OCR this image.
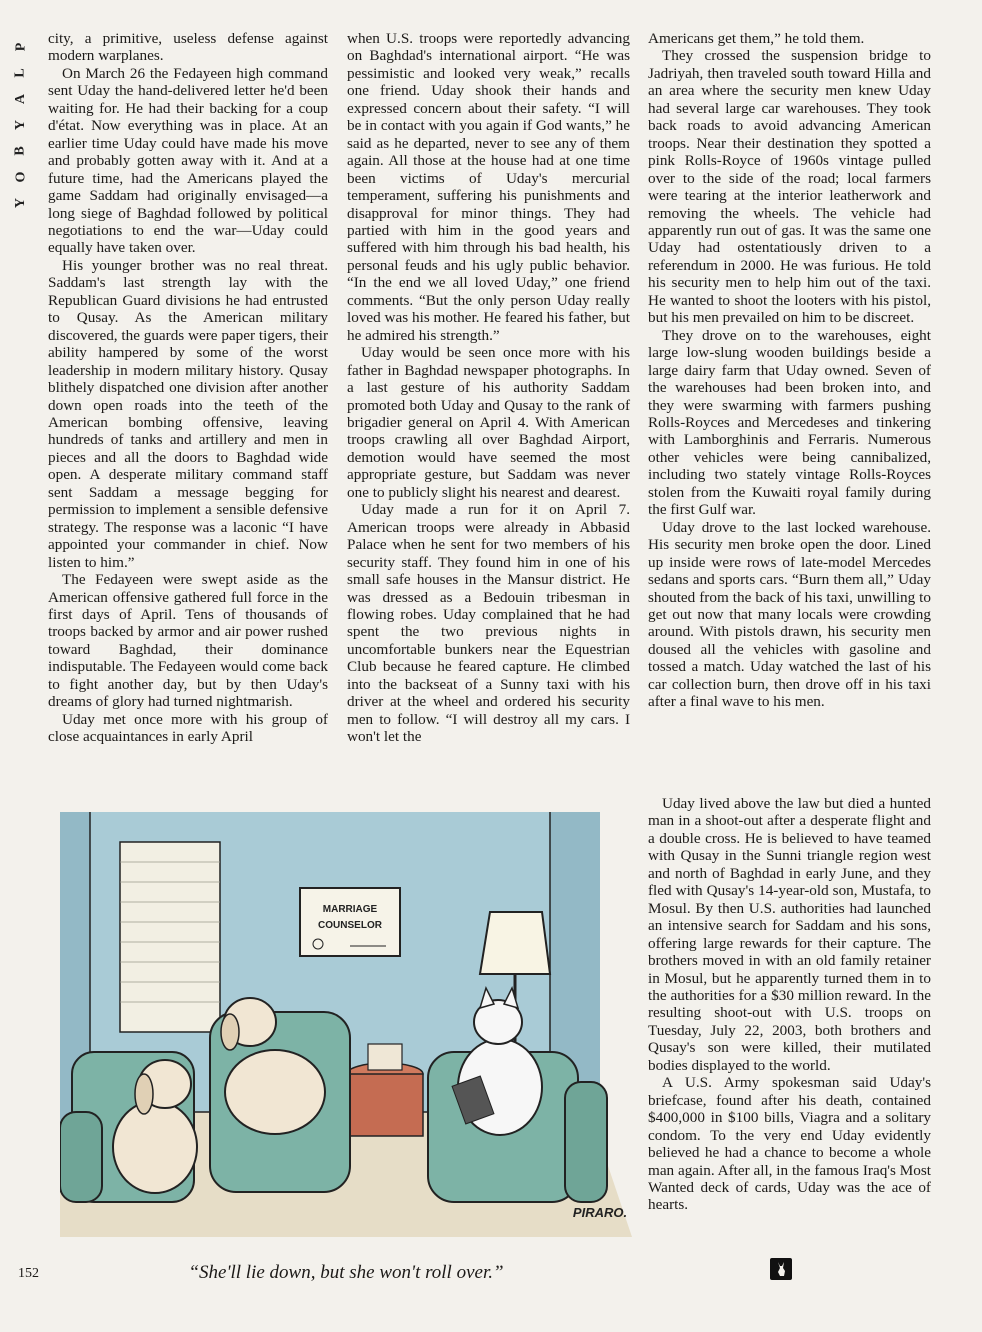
P
L
A
Y
B
O
Y

city, a primitive, useless defense against modern warplanes.

On March 26 the Fedayeen high command sent Uday the hand-delivered letter he'd been waiting for. He had their backing for a coup d'état. Now everything was in place. At an earlier time Uday could have made his move and probably gotten away with it. And at a future time, had the Americans played the game Saddam had originally envisaged—a long siege of Baghdad followed by political negotiations to end the war—Uday could equally have taken over.

His younger brother was no real threat. Saddam's last strength lay with the Republican Guard divisions he had entrusted to Qusay. As the American military discovered, the guards were paper tigers, their ability hampered by some of the worst leadership in modern military history. Qusay blithely dispatched one division after another down open roads into the teeth of the American bombing offensive, leaving hundreds of tanks and artillery and men in pieces and all the doors to Baghdad wide open. A desperate military command staff sent Saddam a message begging for permission to implement a sensible defensive strategy. The response was a laconic “I have appointed your commander in chief. Now listen to him.”

The Fedayeen were swept aside as the American offensive gathered full force in the first days of April. Tens of thousands of troops backed by armor and air power rushed toward Baghdad, their dominance indisputable. The Fedayeen would come back to fight another day, but by then Uday's dreams of glory had turned nightmarish.

Uday met once more with his group of close acquaintances in early April

when U.S. troops were reportedly advancing on Baghdad's international airport. “He was pessimistic and looked very weak,” recalls one friend. Uday shook their hands and expressed concern about their safety. “I will be in contact with you again if God wants,” he said as he departed, never to see any of them again. All those at the house had at one time been victims of Uday's mercurial temperament, suffering his punishments and disapproval for minor things. They had partied with him in the good years and suffered with him through his bad health, his personal feuds and his ugly public behavior. “In the end we all loved Uday,” one friend comments. “But the only person Uday really loved was his mother. He feared his father, but he admired his strength.”

Uday would be seen once more with his father in Baghdad newspaper photographs. In a last gesture of his authority Saddam promoted both Uday and Qusay to the rank of brigadier general on April 4. With American troops crawling all over Baghdad Airport, demotion would have seemed the most appropriate gesture, but Saddam was never one to publicly slight his nearest and dearest.

Uday made a run for it on April 7. American troops were already in Abbasid Palace when he sent for two members of his security staff. They found him in one of his small safe houses in the Mansur district. He was dressed as a Bedouin tribesman in flowing robes. Uday complained that he had spent the two previous nights in uncomfortable bunkers near the Equestrian Club because he feared capture. He climbed into the backseat of a Sunny taxi with his driver at the wheel and ordered his security men to follow. “I will destroy all my cars. I won't let the

Americans get them,” he told them.

They crossed the suspension bridge to Jadriyah, then traveled south toward Hilla and an area where the security men knew Uday had several large car warehouses. They took back roads to avoid advancing American troops. Near their destination they spotted a pink Rolls-Royce of 1960s vintage pulled over to the side of the road; local farmers were tearing at the interior leatherwork and removing the wheels. The vehicle had apparently run out of gas. It was the same one Uday had ostentatiously driven to a referendum in 2000. He was furious. He told his security men to help him out of the taxi. He wanted to shoot the looters with his pistol, but his men prevailed on him to be discreet.

They drove on to the warehouses, eight large low-slung wooden buildings beside a large dairy farm that Uday owned. Seven of the warehouses had been broken into, and they were swarming with farmers pushing Rolls-Royces and Mercedeses and tinkering with Lamborghinis and Ferraris. Numerous other vehicles were being cannibalized, including two stately vintage Rolls-Royces stolen from the Kuwaiti royal family during the first Gulf war.

Uday drove to the last locked warehouse. His security men broke open the door. Lined up inside were rows of late-model Mercedes sedans and sports cars. “Burn them all,” Uday shouted from the back of his taxi, unwilling to get out now that many locals were crowding around. With pistols drawn, his security men doused all the vehicles with gasoline and tossed a match. Uday watched the last of his car collection burn, then drove off in his taxi after a final wave to his men.

Uday lived above the law but died a hunted man in a shoot-out after a desperate flight and a double cross. He is believed to have teamed with Qusay in the Sunni triangle region west and north of Baghdad in early June, and they fled with Qusay's 14-year-old son, Mustafa, to Mosul. By then U.S. authorities had launched an intensive search for Saddam and his sons, offering large rewards for their capture. The brothers moved in with an old family retainer in Mosul, but he apparently turned them in to the authorities for a $30 million reward. In the resulting shoot-out with U.S. troops on Tuesday, July 22, 2003, both brothers and Qusay's son were killed, their mutilated bodies displayed to the world.

A U.S. Army spokesman said Uday's briefcase, found after his death, contained $400,000 in $100 bills, Viagra and a solitary condom. To the very end Uday evidently believed he had a chance to become a whole man again. After all, in the famous Iraq's Most Wanted deck of cards, Uday was the ace of hearts.

MARRIAGE
COUNSELOR
PIRARO.
“She'll lie down, but she won't roll over.”
152
